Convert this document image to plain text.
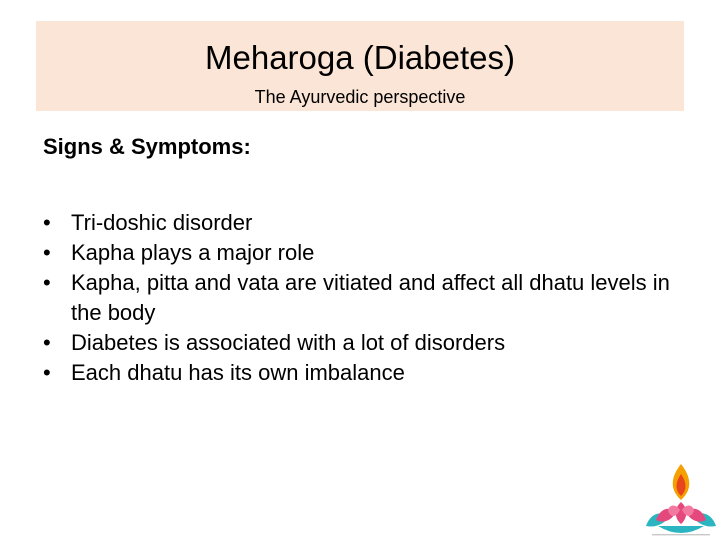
Meharoga (Diabetes)
The Ayurvedic perspective
Signs & Symptoms:
• Tri-doshic disorder
• Kapha plays a major role
• Kapha, pitta and vata are vitiated and affect all dhatu levels in the body
• Diabetes is associated with a lot of disorders
• Each dhatu has its own imbalance
